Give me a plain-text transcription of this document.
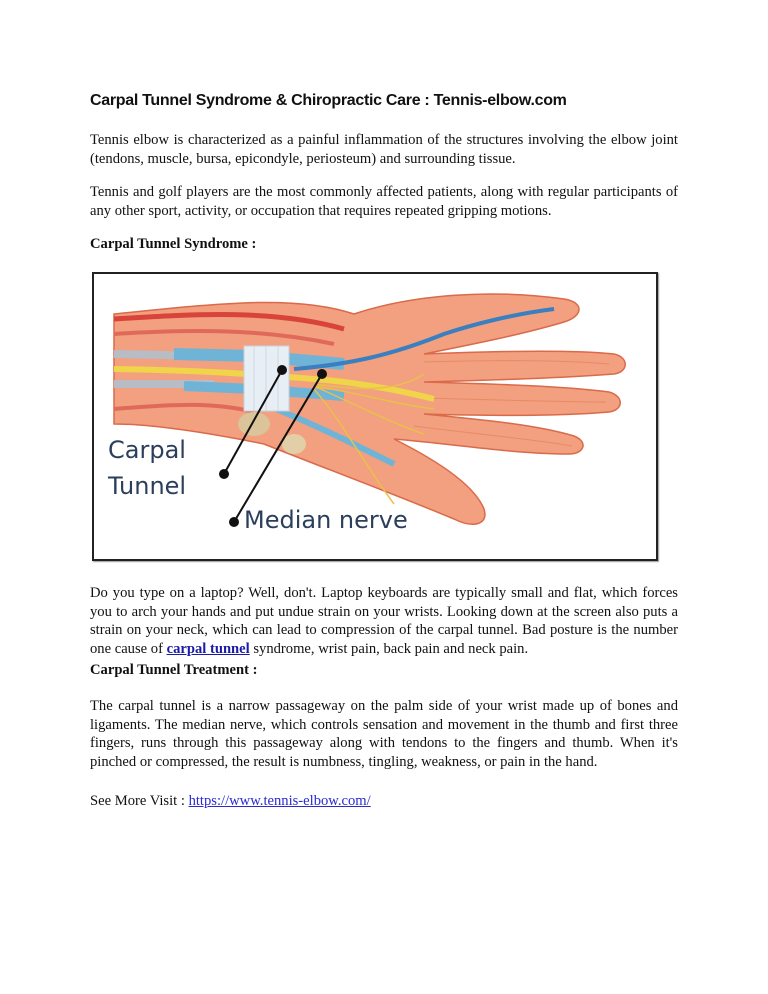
Carpal Tunnel Syndrome & Chiropractic Care : Tennis-elbow.com

Tennis elbow is characterized as a painful inflammation of the structures involving the elbow joint (tendons, muscle, bursa, epicondyle, periosteum) and surrounding tissue.

Tennis and golf players are the most commonly affected patients, along with regular participants of any other sport, activity, or occupation that requires repeated gripping motions.

Carpal Tunnel Syndrome :

Carpal
Tunnel
Median nerve

Do you type on a laptop? Well, don't. Laptop keyboards are typically small and flat, which forces you to arch your hands and put undue strain on your wrists. Looking down at the screen also puts a strain on your neck, which can lead to compression of the carpal tunnel. Bad posture is the number one cause of carpal tunnel syndrome, wrist pain, back pain and neck pain.

Carpal Tunnel Treatment :

The carpal tunnel is a narrow passageway on the palm side of your wrist made up of bones and ligaments. The median nerve, which controls sensation and movement in the thumb and first three fingers, runs through this passageway along with tendons to the fingers and thumb. When it's pinched or compressed, the result is numbness, tingling, weakness, or pain in the hand.

See More Visit : https://www.tennis-elbow.com/
